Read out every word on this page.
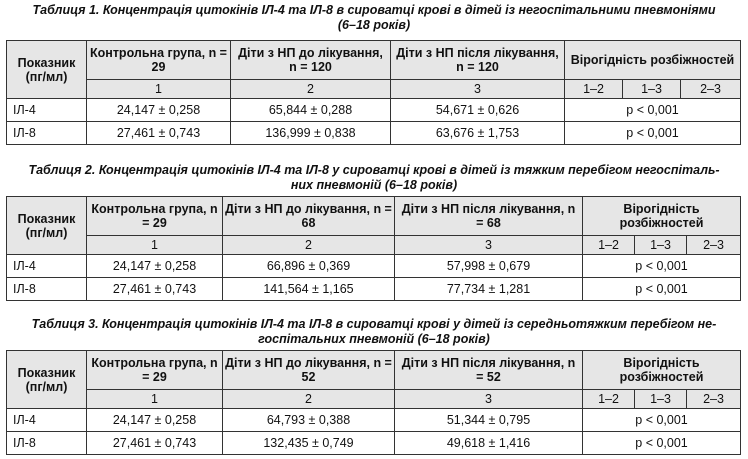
Таблиця 1. Концентрація цитокінів ІЛ-4 та ІЛ-8 в сироватці крові в дітей із негоспітальними пневмоніями
(6–18 років)
Показник (пг/мл)	Контрольна група, n = 29	Діти з НП до лікування, n = 120	Діти з НП після лікування, n = 120	Вірогідність розбіжностей		
	1	2	3	1–2	1–3	2–3
ІЛ-4	24,147 ± 0,258	65,844 ± 0,288	54,671 ± 0,626	p < 0,001		
ІЛ-8	27,461 ± 0,743	136,999 ± 0,838	63,676 ± 1,753	p < 0,001		
Таблиця 2. Концентрація цитокінів ІЛ-4 та ІЛ-8 у сироватці крові в дітей із тяжким перебігом негоспіталь-
них пневмоній (6–18 років)
Показник (пг/мл)	Контрольна група, n = 29	Діти з НП до лікування, n = 68	Діти з НП після лікування, n = 68	Вірогідність розбіжностей		
	1	2	3	1–2	1–3	2–3
ІЛ-4	24,147 ± 0,258	66,896 ± 0,369	57,998 ± 0,679	p < 0,001		
ІЛ-8	27,461 ± 0,743	141,564 ± 1,165	77,734 ± 1,281	p < 0,001		
Таблиця 3. Концентрація цитокінів ІЛ-4 та ІЛ-8 в сироватці крові у дітей із середньотяжким перебігом не-
госпітальних пневмоній (6–18 років)
Показник (пг/мл)	Контрольна група, n = 29	Діти з НП до лікування, n = 52	Діти з НП після лікування, n = 52	Вірогідність розбіжностей		
	1	2	3	1–2	1–3	2–3
ІЛ-4	24,147 ± 0,258	64,793 ± 0,388	51,344 ± 0,795	p < 0,001		
ІЛ-8	27,461 ± 0,743	132,435 ± 0,749	49,618 ± 1,416	p < 0,001		
